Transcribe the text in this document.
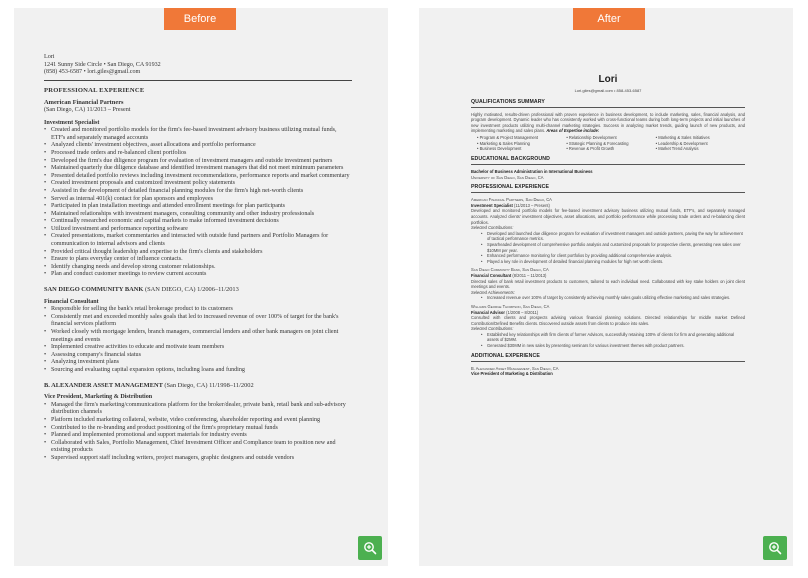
Before
Lori
1241 Sunny Side Circle • San Diego, CA 91932
(858) 453-6587 • lori.giles@gmail.com
PROFESSIONAL EXPERIENCE
American Financial Partners
(San Diego, CA) 11/2013 – Present
Investment Specialist
• Created and monitored portfolio models for the firm's fee-based investment advisory business utilizing mutual funds, ETF's and separately managed accounts
• Analyzed clients' investment objectives, asset allocations and portfolio performance
• Processed trade orders and re-balanced client portfolios
• Developed the firm's due diligence program for evaluation of investment managers and outside investment partners
• Maintained quarterly due diligence database and identified investment managers that did not meet minimum parameters
• Presented detailed portfolio reviews including investment recommendations, performance reports and market commentary
• Created investment proposals and customized investment policy statements
• Assisted in the development of detailed financial planning modules for the firm's high net-worth clients
• Served as internal 401(k) contact for plan sponsors and employees
• Participated in plan installation meetings and attended enrollment meetings for plan participants
• Maintained relationships with investment managers, consulting community and other industry professionals
• Continually researched economic and capital markets to make informed investment decisions
• Utilized investment and performance reporting software
• Created presentations, market commentaries and interacted with outside fund partners and Portfolio Managers for communication to internal advisors and clients
• Provided critical thought leadership and expertise to the firm's clients and stakeholders
• Ensure to plans everyday center of influence contacts.
• Identify changing needs and develop strong customer relationships.
• Plan and conduct customer meetings to review current accounts
SAN DIEGO COMMUNITY BANK (SAN DIEGO, CA) 1/2006–11/2013
Financial Consultant
• Responsible for selling the bank's retail brokerage product to its customers
• Consistently met and exceeded monthly sales goals that led to increased revenue of over 100% of target for the bank's financial services platform
• Worked closely with mortgage lenders, branch managers, commercial lenders and other bank managers on joint client meetings and events
• Implemented creative activities to educate and motivate team members
• Assessing company's financial status
• Analyzing investment plans
• Sourcing and evaluating capital expansion options, including loans and funding
B. ALEXANDER ASSET MANAGEMENT (San Diego, CA) 11/1998–11/2002
Vice President, Marketing & Distribution
• Managed the firm's marketing/communications platform for the broker/dealer, private bank, retail bank and sub-advisory distribution channels
• Platform included marketing collateral, website, video conferencing, shareholder reporting and event planning
• Contributed to the re-branding and product positioning of the firm's proprietary mutual funds
• Planned and implemented promotional and support materials for industry events
• Collaborated with Sales, Portfolio Management, Chief Investment Officer and Compliance team to position new and existing products
• Supervised support staff including writers, project managers, graphic designers and outside vendors
After
Lori
Lori.giles@gmail.com • 858-453-6587
QUALIFICATIONS SUMMARY

Highly motivated, results-driven professional with proven experience in business development, to include marketing, sales, financial analysis, and program development. Dynamic leader who has consistently worked with cross-functional teams during both long-term projects and initial launches of new investment products utilizing multi-channel marketing strategies. Success in analyzing market trends, guiding launch of new products, and implementing marketing and sales plans. Areas of Expertise include:

• Program & Project Management	• Relationship Development	• Marketing & Sales Initiatives
• Marketing & Sales Planning	• Strategic Planning & Forecasting	• Leadership & Development
• Business Development	• Revenue & Profit Growth	• Market Trend Analysis
EDUCATIONAL BACKGROUND
Bachelor of Business Administration in International Business
University of San Diego, San Diego, CA
PROFESSIONAL EXPERIENCE
American Financial Partners, San Diego, CA
Investment Specialist (11/2013 – Present)

Developed and monitored portfolio models for fee-based investment advisory business utilizing mutual funds, ETF's, and separately managed accounts. Analyzed clients' investment objectives, asset allocations, and portfolio performance while processing trade orders and re-balancing client portfolios.

Selected Contributions:
• Developed and launched due diligence program for evaluation of investment managers and outside partners, paving the way for achievement of tactical performance metrics.
• Spearheaded development of comprehensive portfolio analysis and customized proposals for prospective clients, generating new sales over $10MM per year.
• Enhanced performance monitoring for client portfolios by providing additional comprehensive analysis.
• Played a key role in development of detailed financial planning modules for high net worth clients.
San Diego Community Bank, San Diego, CA
Financial Consultant (8/2011 – 11/2013)

Directed sales of bank retail investment products to customers, tailored to each individual need. Collaborated with key stake holders on joint client meetings and events.

Selected Achievements:
• Increased revenue over 100% of target by consistently achieving monthly sales goals utilizing effective marketing and sales strategies.
Williams George Thompson, San Diego, CA
Financial Advisor (1/2008 – 8/2011)

Consulted with clients and prospects advising various financial planning solutions. Directed relationships for middle market Defined Contribution/Defined Benefits clients. Discovered outside assets from clients to produce into sales.

Selected Contributions:
• Established key relationships with firm clients of former Advisors, successfully retaining 100% of clients for firm and generating additional assets of $2MM.
• Generated $30MM in new sales by presenting seminars for various investment themes with product partners.
ADDITIONAL EXPERIENCE
B. Alexander Asset Management, San Diego, CA
Vice President of Marketing & Distribution
